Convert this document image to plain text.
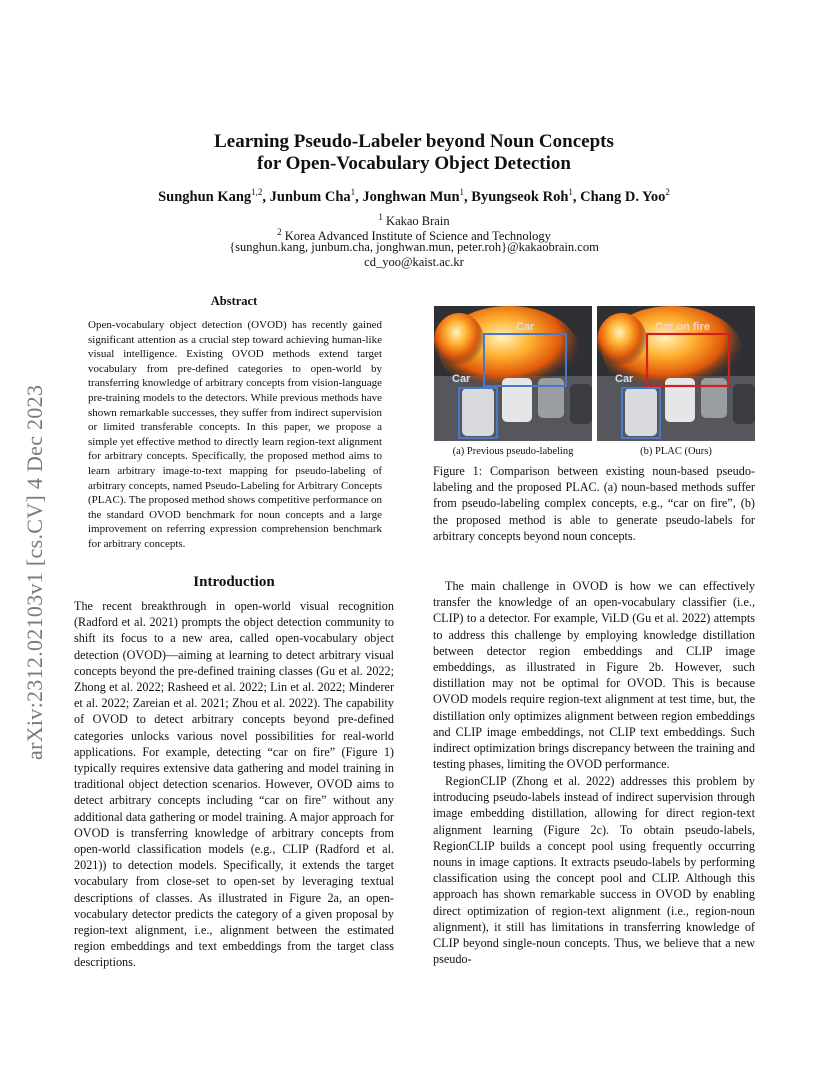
arXiv:2312.02103v1 [cs.CV] 4 Dec 2023
Learning Pseudo-Labeler beyond Noun Concepts
for Open-Vocabulary Object Detection
Sunghun Kang$^{1,2}$, Junbum Cha$^1$, Jonghwan Mun$^1$, Byungseok Roh$^1$, Chang D. Yoo$^2$
$^1$ Kakao Brain
$^2$ Korea Advanced Institute of Science and Technology
{sunghun.kang, junbum.cha, jonghwan.mun, peter.roh}@kakaobrain.com
cd_yoo@kaist.ac.kr
Abstract

Open-vocabulary object detection (OVOD) has recently gained significant attention as a crucial step toward achieving human-like visual intelligence. Existing OVOD methods extend target vocabulary from pre-defined categories to open-world by transferring knowledge of arbitrary concepts from vision-language pre-training models to the detectors. While previous methods have shown remarkable successes, they suffer from indirect supervision or limited transferable concepts. In this paper, we propose a simple yet effective method to directly learn region-text alignment for arbitrary concepts. Specifically, the proposed method aims to learn arbitrary image-to-text mapping for pseudo-labeling of arbitrary concepts, named Pseudo-Labeling for Arbitrary Concepts (PLAC). The proposed method shows competitive performance on the standard OVOD benchmark for noun concepts and a large improvement on referring expression comprehension benchmark for arbitrary concepts.

Introduction

The recent breakthrough in open-world visual recognition (Radford et al. 2021) prompts the object detection community to shift its focus to a new area, called open-vocabulary object detection (OVOD)—aiming at learning to detect arbitrary visual concepts beyond the pre-defined training classes (Gu et al. 2022; Zhong et al. 2022; Rasheed et al. 2022; Lin et al. 2022; Minderer et al. 2022; Zareian et al. 2021; Zhou et al. 2022). The capability of OVOD to detect arbitrary concepts beyond pre-defined categories unlocks various novel possibilities for real-world applications. For example, detecting “car on fire” (Figure 1) typically requires extensive data gathering and model training in traditional object detection scenarios. However, OVOD aims to detect arbitrary concepts including “car on fire” without any additional data gathering or model training. A major approach for OVOD is transferring knowledge of arbitrary concepts from open-world classification models (e.g., CLIP (Radford et al. 2021)) to detection models. Specifically, it extends the target vocabulary from close-set to open-set by leveraging textual descriptions of classes. As illustrated in Figure 2a, an open-vocabulary detector predicts the category of a given proposal by region-text alignment, i.e., alignment between the estimated region embeddings and text embeddings from the target class descriptions.

Car
Car
Car on fire
Car
(a) Previous pseudo-labeling	(b) PLAC (Ours)

Figure 1: Comparison between existing noun-based pseudo-labeling and the proposed PLAC. (a) noun-based methods suffer from pseudo-labeling complex concepts, e.g., “car on fire”, (b) the proposed method is able to generate pseudo-labels for arbitrary concepts beyond noun concepts.

The main challenge in OVOD is how we can effectively transfer the knowledge of an open-vocabulary classifier (i.e., CLIP) to a detector. For example, ViLD (Gu et al. 2022) attempts to address this challenge by employing knowledge distillation between detector region embeddings and CLIP image embeddings, as illustrated in Figure 2b. However, such distillation may not be optimal for OVOD. This is because OVOD models require region-text alignment at test time, but, the distillation only optimizes alignment between region embeddings and CLIP image embeddings, not CLIP text embeddings. Such indirect optimization brings discrepancy between the training and testing phases, limiting the OVOD performance.

RegionCLIP (Zhong et al. 2022) addresses this problem by introducing pseudo-labels instead of indirect supervision through image embedding distillation, allowing for direct region-text alignment learning (Figure 2c). To obtain pseudo-labels, RegionCLIP builds a concept pool using frequently occurring nouns in image captions. It extracts pseudo-labels by performing classification using the concept pool and CLIP. Although this approach has shown remarkable success in OVOD by enabling direct optimization of region-text alignment (i.e., region-noun alignment), it still has limitations in transferring knowledge of CLIP beyond single-noun concepts. Thus, we believe that a new pseudo-
